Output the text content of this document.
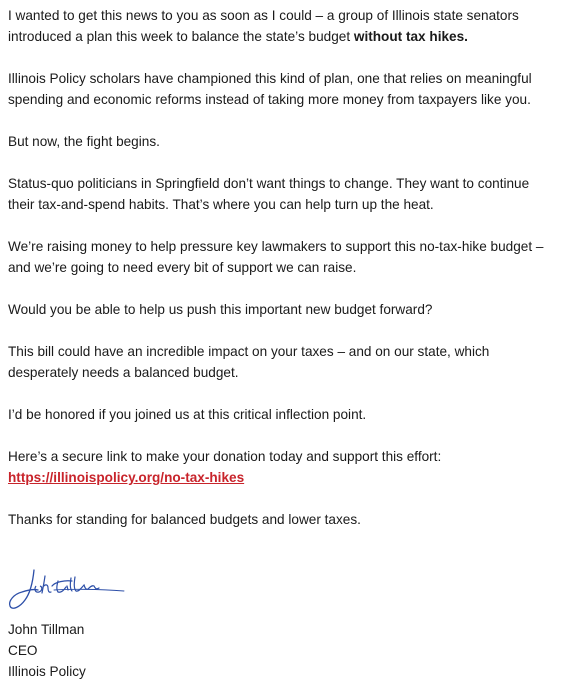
I wanted to get this news to you as soon as I could – a group of Illinois state senators introduced a plan this week to balance the state’s budget without tax hikes.

Illinois Policy scholars have championed this kind of plan, one that relies on meaningful spending and economic reforms instead of taking more money from taxpayers like you.

But now, the fight begins.

Status-quo politicians in Springfield don’t want things to change. They want to continue their tax-and-spend habits. That’s where you can help turn up the heat.

We’re raising money to help pressure key lawmakers to support this no-tax-hike budget – and we’re going to need every bit of support we can raise.

Would you be able to help us push this important new budget forward?

This bill could have an incredible impact on your taxes – and on our state, which desperately needs a balanced budget.

I’d be honored if you joined us at this critical inflection point.

Here’s a secure link to make your donation today and support this effort:
https://illinoispolicy.org/no-tax-hikes

Thanks for standing for balanced budgets and lower taxes.

John Tillman
CEO
Illinois Policy
